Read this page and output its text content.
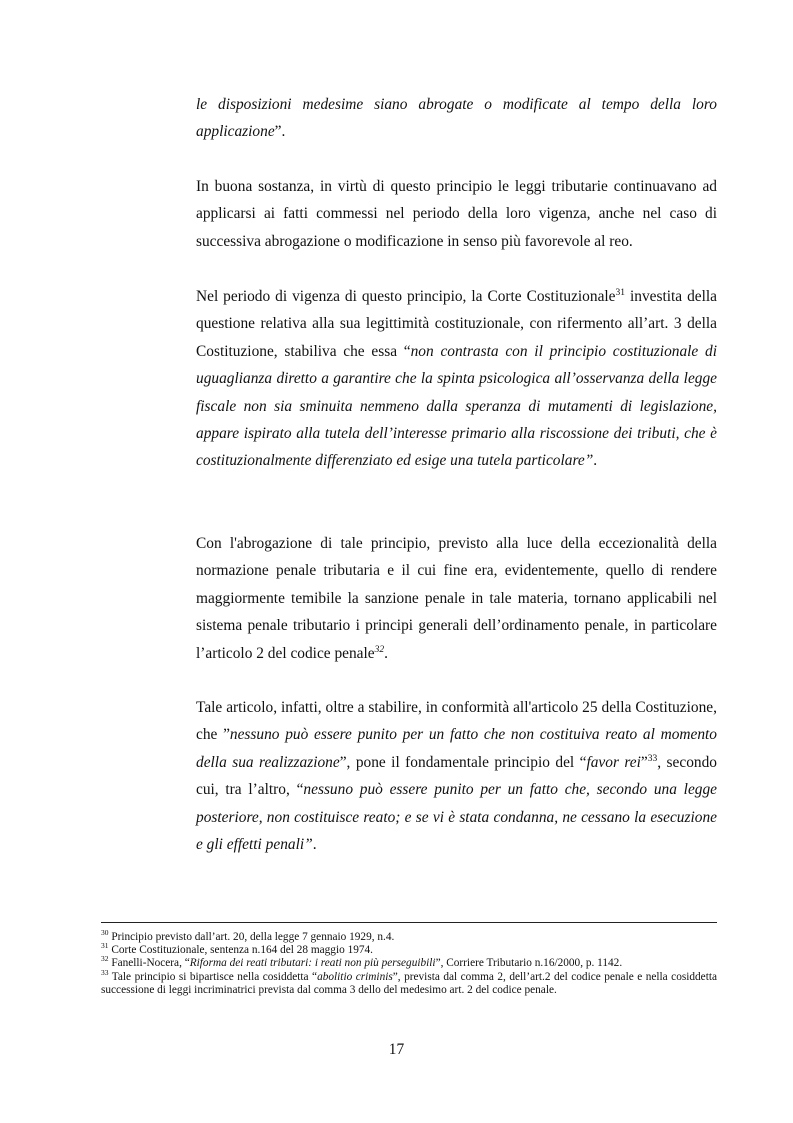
le disposizioni medesime siano abrogate o modificate al tempo della loro applicazione”.

In buona sostanza, in virtù di questo principio le leggi tributarie continuavano ad applicarsi ai fatti commessi nel periodo della loro vigenza, anche nel caso di successiva abrogazione o modificazione in senso più favorevole al reo.

Nel periodo di vigenza di questo principio, la Corte Costituzionale$^{31}$ investita della questione relativa alla sua legittimità costituzionale, con rifermento all’art. 3 della Costituzione, stabiliva che essa “non contrasta con il principio costituzionale di uguaglianza diretto a garantire che la spinta psicologica all’osservanza della legge fiscale non sia sminuita nemmeno dalla speranza di mutamenti di legislazione, appare ispirato alla tutela dell’interesse primario alla riscossione dei tributi, che è costituzionalmente differenziato ed esige una tutela particolare”.

Con l'abrogazione di tale principio, previsto alla luce della eccezionalità della normazione penale tributaria e il cui fine era, evidentemente, quello di rendere maggiormente temibile la sanzione penale in tale materia, tornano applicabili nel sistema penale tributario i principi generali dell’ordinamento penale, in particolare l’articolo 2 del codice penale$^{32}$.

Tale articolo, infatti, oltre a stabilire, in conformità all'articolo 25 della Costituzione, che ”nessuno può essere punito per un fatto che non costituiva reato al momento della sua realizzazione”, pone il fondamentale principio del “favor rei”$^{33}$, secondo cui, tra l’altro, “nessuno può essere punito per un fatto che, secondo una legge posteriore, non costituisce reato; e se vi è stata condanna, ne cessano la esecuzione e gli effetti penali”.

$^{30}$ Principio previsto dall’art. 20, della legge 7 gennaio 1929, n.4.

$^{31}$ Corte Costituzionale, sentenza n.164 del 28 maggio 1974.

$^{32}$ Fanelli-Nocera, “Riforma dei reati tributari: i reati non più perseguibili”, Corriere Tributario n.16/2000, p. 1142.

$^{33}$ Tale principio si bipartisce nella cosiddetta “abolitio criminis”, prevista dal comma 2, dell’art.2 del codice penale e nella cosiddetta successione di leggi incriminatrici prevista dal comma 3 dello del medesimo art. 2 del codice penale.

17
